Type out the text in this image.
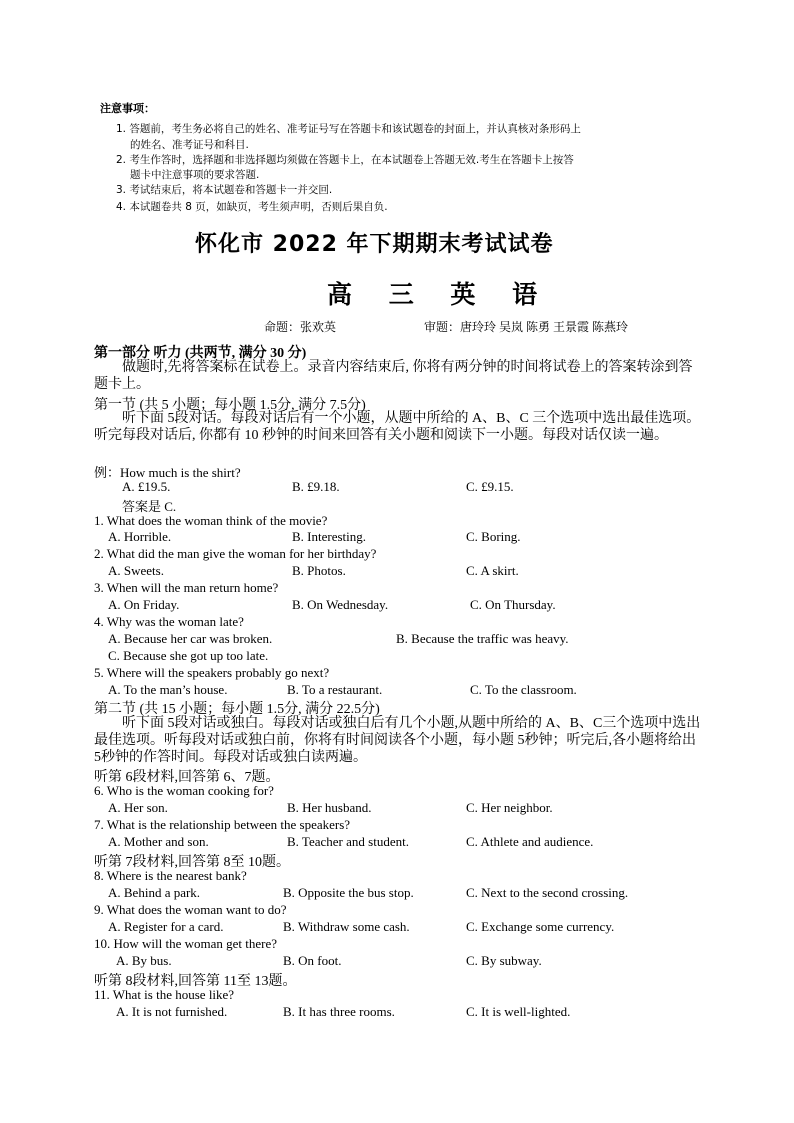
注意事项：
1. 答题前，考生务必将自己的姓名、准考证号写在答题卡和该试题卷的封面上，并认真核对条形码上
的姓名、准考证号和科目.
2. 考生作答时，选择题和非选择题均须做在答题卡上，在本试题卷上答题无效.考生在答题卡上按答
题卡中注意事项的要求答题.
3. 考试结束后，将本试题卷和答题卡一并交回.
4. 本试题卷共 8 页，如缺页，考生须声明，否则后果自负.
怀化市 2022 年下期期末考试试卷
高 三 英 语
命题：张欢英	审题：唐玲玲 吴岚 陈勇 王景霞 陈燕玲
第一部分 听力 (共两节, 满分 30 分)
做题时,先将答案标在试卷上。录音内容结束后, 你将有两分钟的时间将试卷上的答案转涂到答题卡上。
第一节 (共 5 小题；每小题 1.5分, 满分 7.5分)
听下面 5段对话。每段对话后有一个小题，从题中所给的 A、B、C 三个选项中选出最佳选项。听完每段对话后, 你都有 10 秒钟的时间来回答有关小题和阅读下一小题。每段对话仅读一遍。
例：How much is the shirt?
A. £19.5.	B. £9.18.	C. £9.15.
答案是 C.
1. What does the woman think of the movie?
A. Horrible.	B. Interesting.	C. Boring.
2. What did the man give the woman for her birthday?
A. Sweets.	B. Photos.	C. A skirt.
3. When will the man return home?
A. On Friday.	B. On Wednesday.	C. On Thursday.
4. Why was the woman late?
A. Because her car was broken.	B. Because the traffic was heavy.
C. Because she got up too late.
5. Where will the speakers probably go next?
A. To the man’s house.	B. To a restaurant.	C. To the classroom.
第二节 (共 15 小题；每小题 1.5分, 满分 22.5分)
听下面 5段对话或独白。每段对话或独白后有几个小题,从题中所给的 A、B、C三个选项中选出最佳选项。听每段对话或独白前，你将有时间阅读各个小题，每小题 5秒钟；听完后,各小题将给出 5秒钟的作答时间。每段对话或独白读两遍。
听第 6段材料,回答第 6、7题。
6. Who is the woman cooking for?
A. Her son.	B. Her husband.	C. Her neighbor.
7. What is the relationship between the speakers?
A. Mother and son.	B. Teacher and student.	C. Athlete and audience.
听第 7段材料,回答第 8至 10题。
8. Where is the nearest bank?
A. Behind a park.	B. Opposite the bus stop.	C. Next to the second crossing.
9. What does the woman want to do?
A. Register for a card.	B. Withdraw some cash.	C. Exchange some currency.
10. How will the woman get there?
A. By bus.	B. On foot.	C. By subway.
听第 8段材料,回答第 11至 13题。
11. What is the house like?
A. It is not furnished.	B. It has three rooms.	C. It is well-lighted.
